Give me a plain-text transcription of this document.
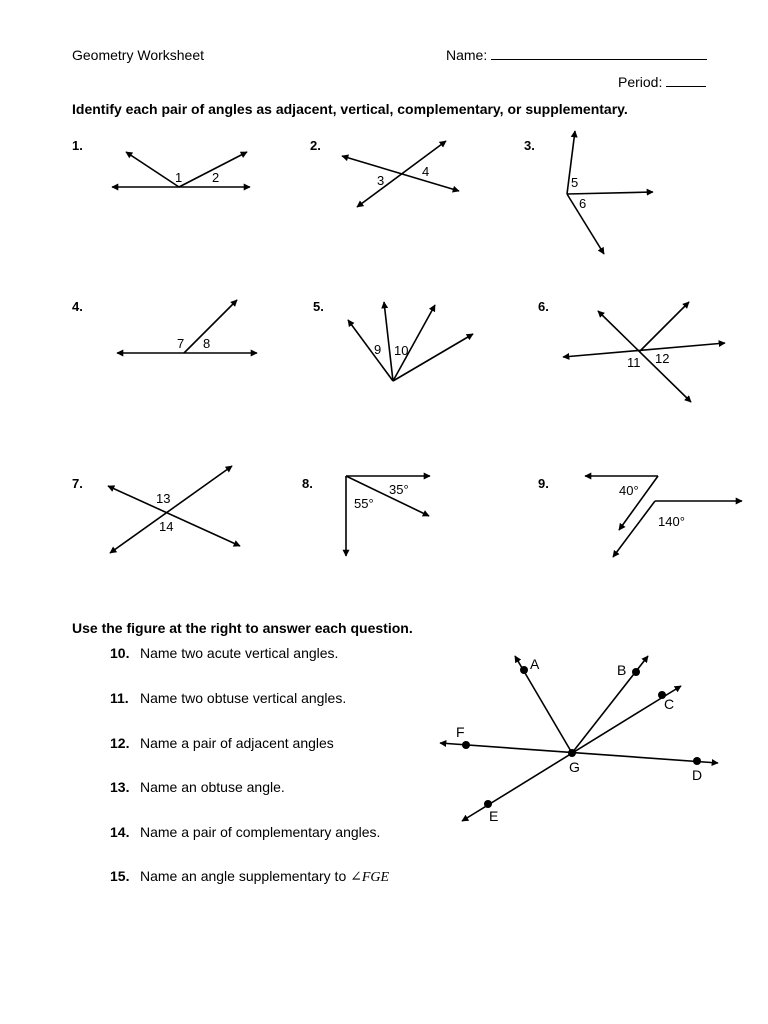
Geometry Worksheet	Name:
Period:
Identify each pair of angles as adjacent, vertical, complementary, or supplementary.
1.	2.	3.
4.	5.	6.
7.	8.	9.
1 2	3
4
5
6
7 8	9 10
11 12
13
14
35°
55°
40°
140°
A	B
C
D
E
F
G
Use the figure at the right to answer each question.
10. Name two acute vertical angles.
11. Name two obtuse vertical angles.
12. Name a pair of adjacent angles
13. Name an obtuse angle.
14. Name a pair of complementary angles.
15. Name an angle supplementary to ∠FGE
